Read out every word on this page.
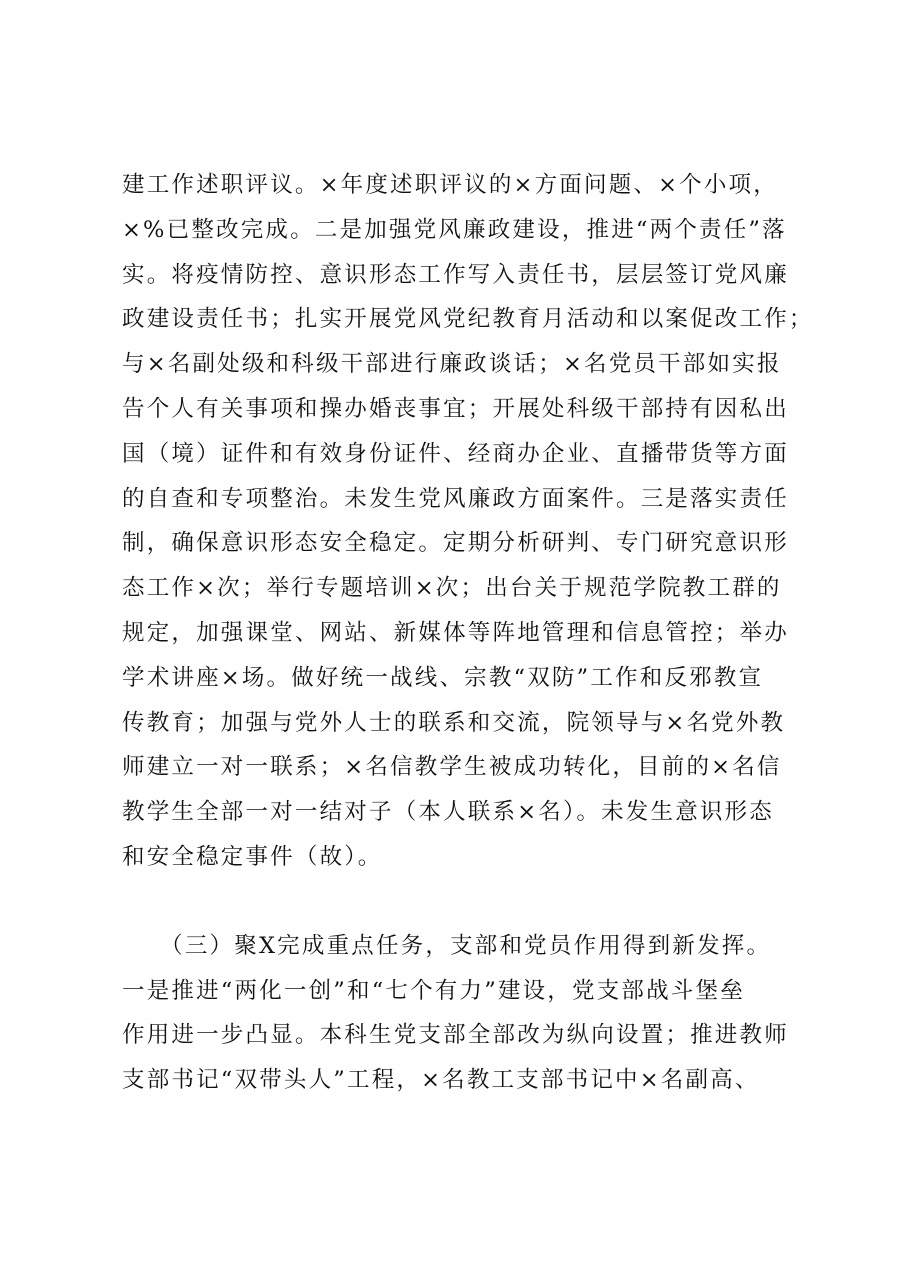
建工作述职评议。×年度述职评议的×方面问题、×个小项，
×%已整改完成。二是加强党风廉政建设，推进“两个责任”落
实。将疫情防控、意识形态工作写入责任书，层层签订党风廉
政建设责任书；扎实开展党风党纪教育月活动和以案促改工作；
与×名副处级和科级干部进行廉政谈话；×名党员干部如实报
告个人有关事项和操办婚丧事宜；开展处科级干部持有因私出
国（境）证件和有效身份证件、经商办企业、直播带货等方面
的自查和专项整治。未发生党风廉政方面案件。三是落实责任
制，确保意识形态安全稳定。定期分析研判、专门研究意识形
态工作×次；举行专题培训×次；出台关于规范学院教工群的
规定，加强课堂、网站、新媒体等阵地管理和信息管控；举办
学术讲座×场。做好统一战线、宗教“双防”工作和反邪教宣
传教育；加强与党外人士的联系和交流，院领导与×名党外教
师建立一对一联系；×名信教学生被成功转化，目前的×名信
教学生全部一对一结对子（本人联系×名）。未发生意识形态
和安全稳定事件（故）。
　　（三）聚X完成重点任务，支部和党员作用得到新发挥。
一是推进“两化一创”和“七个有力”建设，党支部战斗堡垒
作用进一步凸显。本科生党支部全部改为纵向设置；推进教师
支部书记“双带头人”工程，×名教工支部书记中×名副高、
